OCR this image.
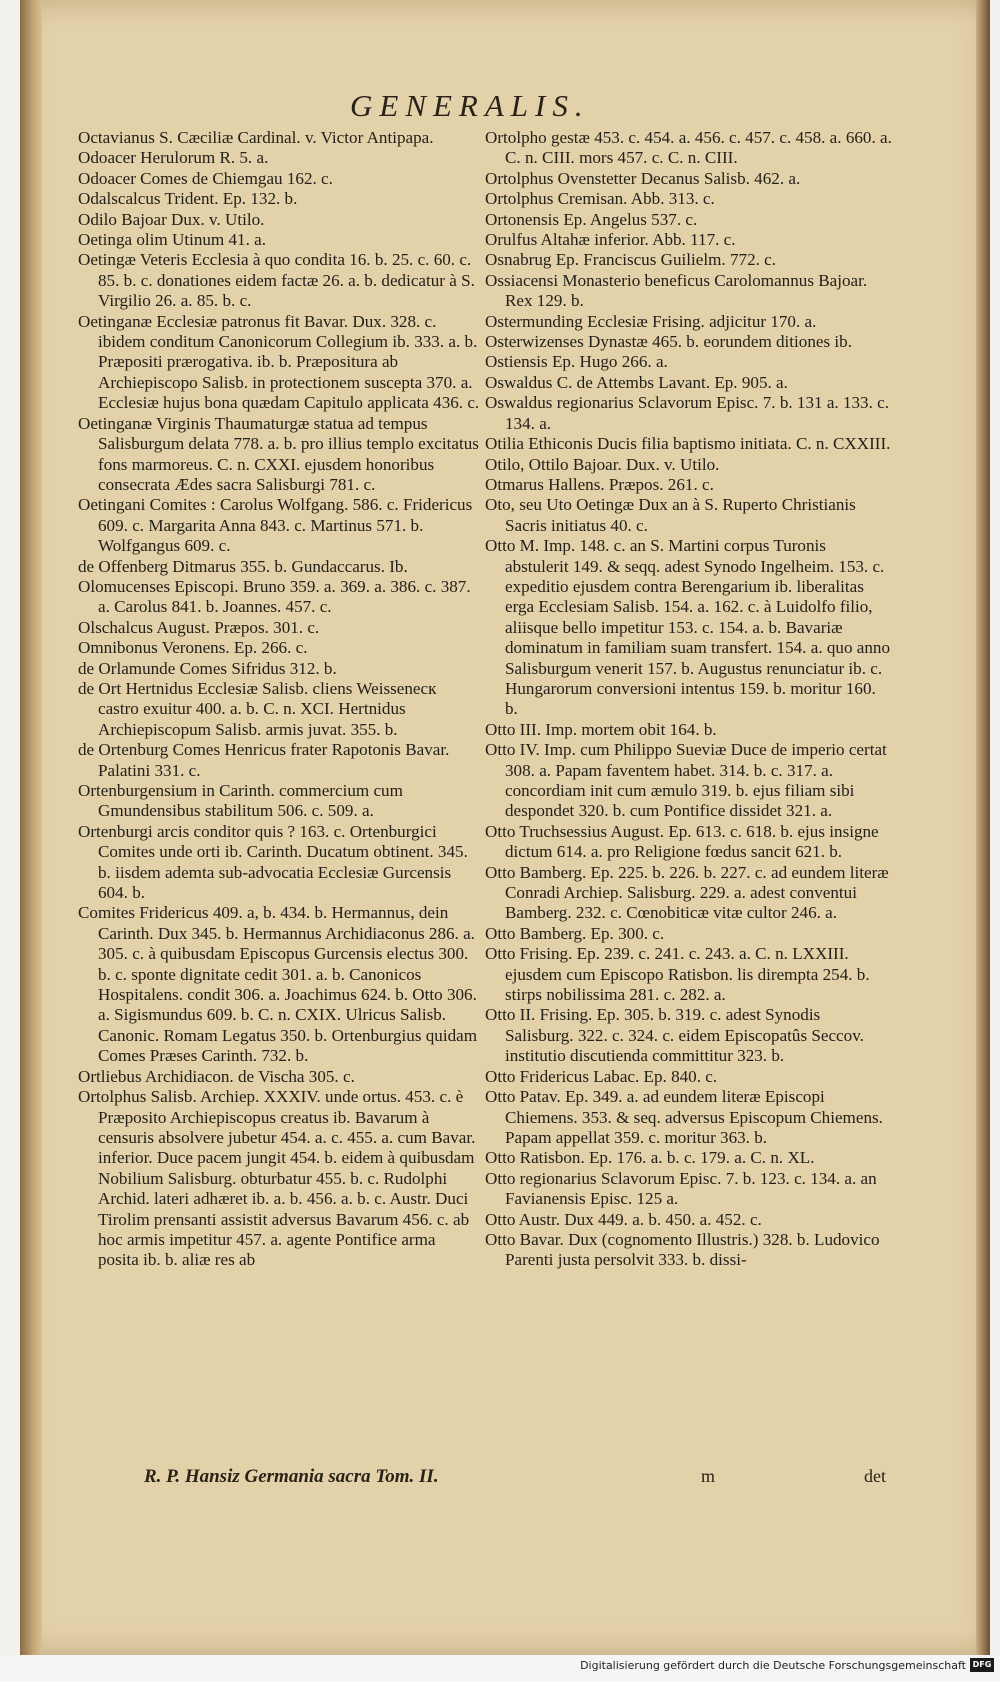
GENERALIS.

Octavianus S. Cæciliæ Cardinal. v. Victor Antipapa.

Odoacer Herulorum R. 5. a.

Odoacer Comes de Chiemgau 162. c.

Odalscalcus Trident. Ep. 132. b.

Odilo Bajoar Dux. v. Utilo.

Oetinga olim Utinum 41. a.

Oetingæ Veteris Ecclesia à quo condita 16. b. 25. c. 60. c. 85. b. c. donationes eidem factæ 26. a. b. dedicatur à S. Virgilio 26. a. 85. b. c.

Oetinganæ Ecclesiæ patronus fit Bavar. Dux. 328. c. ibidem conditum Canonicorum Collegium ib. 333. a. b. Præpositi prærogativa. ib. b. Præpositura ab Archiepiscopo Salisb. in protectionem suscepta 370. a. Ecclesiæ hujus bona quædam Capitulo applicata 436. c.

Oetinganæ Virginis Thaumaturgæ statua ad tempus Salisburgum delata 778. a. b. pro illius templo excitatus fons marmoreus. C. n. CXXI. ejusdem honoribus consecrata Ædes sacra Salisburgi 781. c.

Oetingani Comites : Carolus Wolfgang. 586. c. Fridericus 609. c. Margarita Anna 843. c. Martinus 571. b. Wolfgangus 609. c.

de Offenberg Ditmarus 355. b. Gundaccarus. Ib.

Olomucenses Episcopi. Bruno 359. a. 369. a. 386. c. 387. a. Carolus 841. b. Joannes. 457. c.

Olschalcus August. Præpos. 301. c.

Omnibonus Veronens. Ep. 266. c.

de Orlamunde Comes Sifridus 312. b.

de Ort Hertnidus Ecclesiæ Salisb. cliens Weissenecк castro exuitur 400. a. b. C. n. XCI. Hertnidus Archiepiscopum Salisb. armis juvat. 355. b.

de Ortenburg Comes Henricus frater Rapotonis Bavar. Palatini 331. c.

Ortenburgensium in Carinth. commercium cum Gmundensibus stabilitum 506. c. 509. a.

Ortenburgi arcis conditor quis ? 163. c. Ortenburgici Comites unde orti ib. Carinth. Ducatum obtinent. 345. b. iisdem ademta sub-advocatia Ecclesiæ Gurcensis 604. b.

Comites Fridericus 409. a, b. 434. b. Hermannus, dein Carinth. Dux 345. b. Hermannus Archidiaconus 286. a. 305. c. à quibusdam Episcopus Gurcensis electus 300. b. c. sponte dignitate cedit 301. a. b. Canonicos Hospitalens. condit 306. a. Joachimus 624. b. Otto 306. a. Sigismundus 609. b. C. n. CXIX. Ulricus Salisb. Canonic. Romam Legatus 350. b. Ortenburgius quidam Comes Præses Carinth. 732. b.

Ortliebus Archidiacon. de Vischa 305. c.

Ortolphus Salisb. Archiep. XXXIV. unde ortus. 453. c. è Præposito Archiepiscopus creatus ib. Bavarum à censuris absolvere jubetur 454. a. c. 455. a. cum Bavar. inferior. Duce pacem jungit 454. b. eidem à quibusdam Nobilium Salisburg. obturbatur 455. b. c. Rudolphi Archid. lateri adhæret ib. a. b. 456. a. b. c. Austr. Duci Tirolim prensanti assistit adversus Bavarum 456. c. ab hoc armis impetitur 457. a. agente Pontifice arma posita ib. b. aliæ res ab

Ortolpho gestæ 453. c. 454. a. 456. c. 457. c. 458. a. 660. a. C. n. CIII. mors 457. c. C. n. CIII.

Ortolphus Ovenstetter Decanus Salisb. 462. a.

Ortolphus Cremisan. Abb. 313. c.

Ortonensis Ep. Angelus 537. c.

Orulfus Altahæ inferior. Abb. 117. c.

Osnabrug Ep. Franciscus Guilielm. 772. c.

Ossiacensi Monasterio beneficus Carolomannus Bajoar. Rex 129. b.

Ostermunding Ecclesiæ Frising. adjicitur 170. a.

Osterwizenses Dynastæ 465. b. eorundem ditiones ib.

Ostiensis Ep. Hugo 266. a.

Oswaldus C. de Attembs Lavant. Ep. 905. a.

Oswaldus regionarius Sclavorum Episc. 7. b. 131 a. 133. c. 134. a.

Otilia Ethiconis Ducis filia baptismo initiata. C. n. CXXIII.

Otilo, Ottilo Bajoar. Dux. v. Utilo.

Otmarus Hallens. Præpos. 261. c.

Oto, seu Uto Oetingæ Dux an à S. Ruperto Christianis Sacris initiatus 40. c.

Otto M. Imp. 148. c. an S. Martini corpus Turonis abstulerit 149. & seqq. adest Synodo Ingelheim. 153. c. expeditio ejusdem contra Berengarium ib. liberalitas erga Ecclesiam Salisb. 154. a. 162. c. à Luidolfo filio, aliisque bello impetitur 153. c. 154. a. b. Bavariæ dominatum in familiam suam transfert. 154. a. quo anno Salisburgum venerit 157. b. Augustus renunciatur ib. c. Hungarorum conversioni intentus 159. b. moritur 160. b.

Otto III. Imp. mortem obit 164. b.

Otto IV. Imp. cum Philippo Sueviæ Duce de imperio certat 308. a. Papam faventem habet. 314. b. c. 317. a. concordiam init cum æmulo 319. b. ejus filiam sibi despondet 320. b. cum Pontifice dissidet 321. a.

Otto Truchsessius August. Ep. 613. c. 618. b. ejus insigne dictum 614. a. pro Religione fœdus sancit 621. b.

Otto Bamberg. Ep. 225. b. 226. b. 227. c. ad eundem literæ Conradi Archiep. Salisburg. 229. a. adest conventui Bamberg. 232. c. Cœnobiticæ vitæ cultor 246. a.

Otto Bamberg. Ep. 300. c.

Otto Frising. Ep. 239. c. 241. c. 243. a. C. n. LXXIII. ejusdem cum Episcopo Ratisbon. lis dirempta 254. b. stirps nobilissima 281. c. 282. a.

Otto II. Frising. Ep. 305. b. 319. c. adest Synodis Salisburg. 322. c. 324. c. eidem Episcopatûs Seccov. institutio discutienda committitur 323. b.

Otto Fridericus Labac. Ep. 840. c.

Otto Patav. Ep. 349. a. ad eundem literæ Episcopi Chiemens. 353. & seq. adversus Episcopum Chiemens. Papam appellat 359. c. moritur 363. b.

Otto Ratisbon. Ep. 176. a. b. c. 179. a. C. n. XL.

Otto regionarius Sclavorum Episc. 7. b. 123. c. 134. a. an Favianensis Episc. 125 a.

Otto Austr. Dux 449. a. b. 450. a. 452. c.

Otto Bavar. Dux (cognomento Illustris.) 328. b. Ludovico Parenti justa persolvit 333. b. dissi-

R. P. Hansiz Germania sacra Tom. II.	m	det
Digitalisierung gefördert durch die Deutsche Forschungsgemeinschaft DFG
